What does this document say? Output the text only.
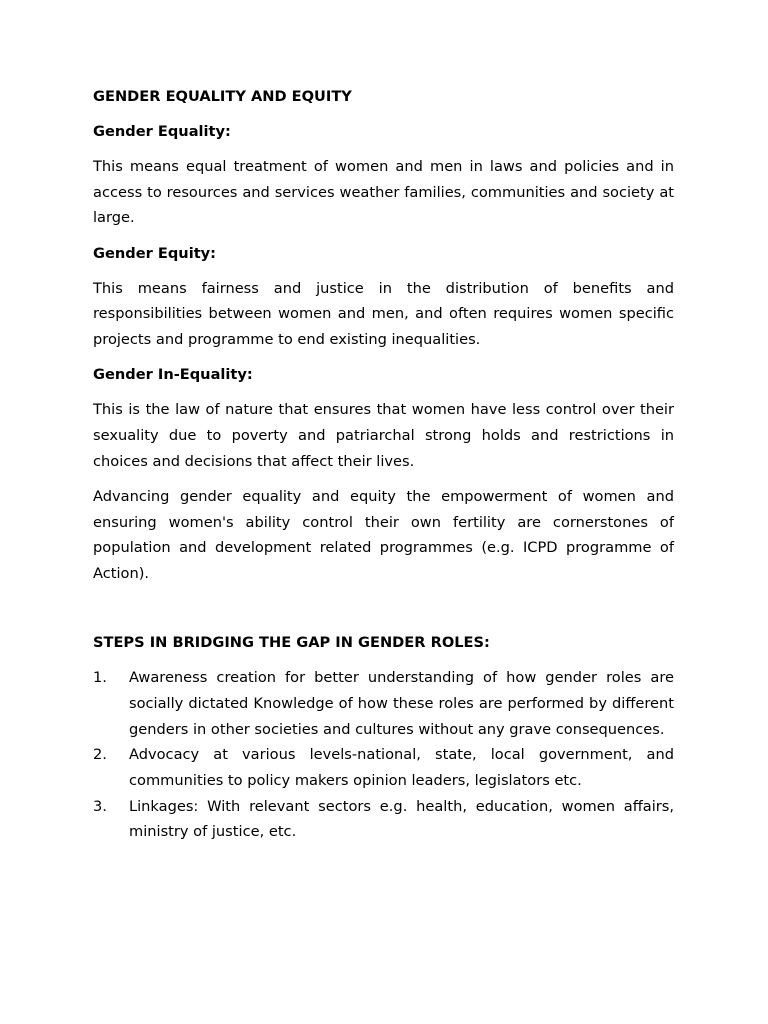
GENDER EQUALITY AND EQUITY
Gender Equality:

This means equal treatment of women and men in laws and policies and in access to resources and services weather families, communities and society at large.

Gender Equity:

This means fairness and justice in the distribution of benefits and responsibilities between women and men, and often requires women specific projects and programme to end existing inequalities.

Gender In-Equality:

This is the law of nature that ensures that women have less control over their sexuality due to poverty and patriarchal strong holds and restrictions in choices and decisions that affect their lives.

Advancing gender equality and equity the empowerment of women and ensuring women's ability control their own fertility are cornerstones of population and development related programmes (e.g. ICPD programme of Action).

STEPS IN BRIDGING THE GAP IN GENDER ROLES:
1. Awareness creation for better understanding of how gender roles are socially dictated Knowledge of how these roles are performed by different genders in other societies and cultures without any grave consequences.
2. Advocacy at various levels-national, state, local government, and communities to policy makers opinion leaders, legislators etc.
3. Linkages: With relevant sectors e.g. health, education, women affairs, ministry of justice, etc.
